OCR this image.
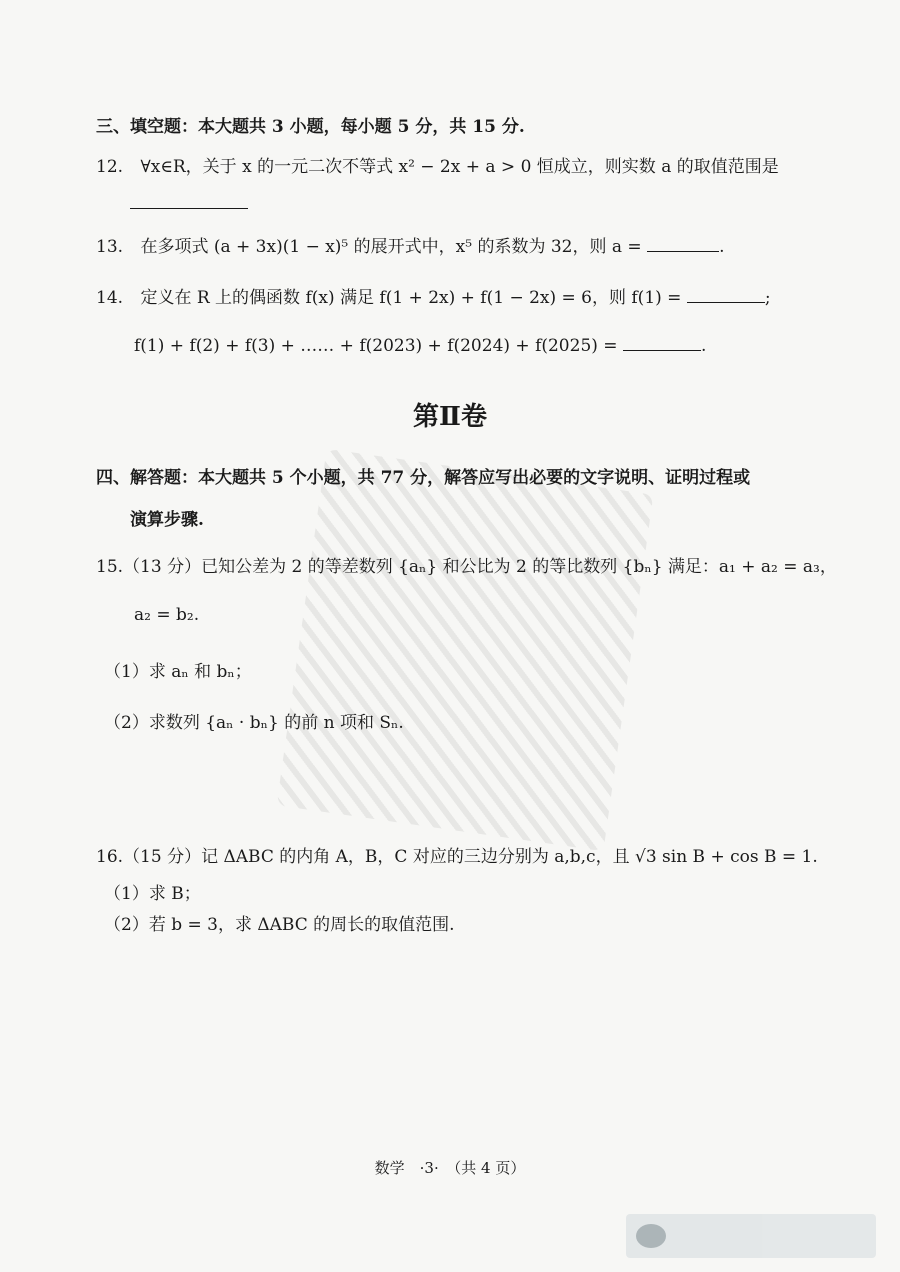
三、填空题：本大题共 3 小题，每小题 5 分，共 15 分.
12. ∀x∈R，关于 x 的一元二次不等式 x² − 2x + a > 0 恒成立，则实数 a 的取值范围是
13. 在多项式 (a + 3x)(1 − x)⁵ 的展开式中，x⁵ 的系数为 32，则 a =	.
14. 定义在 R 上的偶函数 f(x) 满足 f(1 + 2x) + f(1 − 2x) = 6，则 f(1) =	;
f(1) + f(2) + f(3) + …… + f(2023) + f(2024) + f(2025) =	.
第Ⅱ卷
四、解答题：本大题共 5 个小题，共 77 分，解答应写出必要的文字说明、证明过程或
演算步骤.
15.（13 分）已知公差为 2 的等差数列 {aₙ} 和公比为 2 的等比数列 {bₙ} 满足：a₁ + a₂ = a₃，
a₂ = b₂.
（1）求 aₙ 和 bₙ；
（2）求数列 {aₙ · bₙ} 的前 n 项和 Sₙ.
16.（15 分）记 ΔABC 的内角 A，B，C 对应的三边分别为 a,b,c，且 √3 sin B + cos B = 1.
（1）求 B；
（2）若 b = 3，求 ΔABC 的周长的取值范围.
数学　·3·　（共 4 页）
